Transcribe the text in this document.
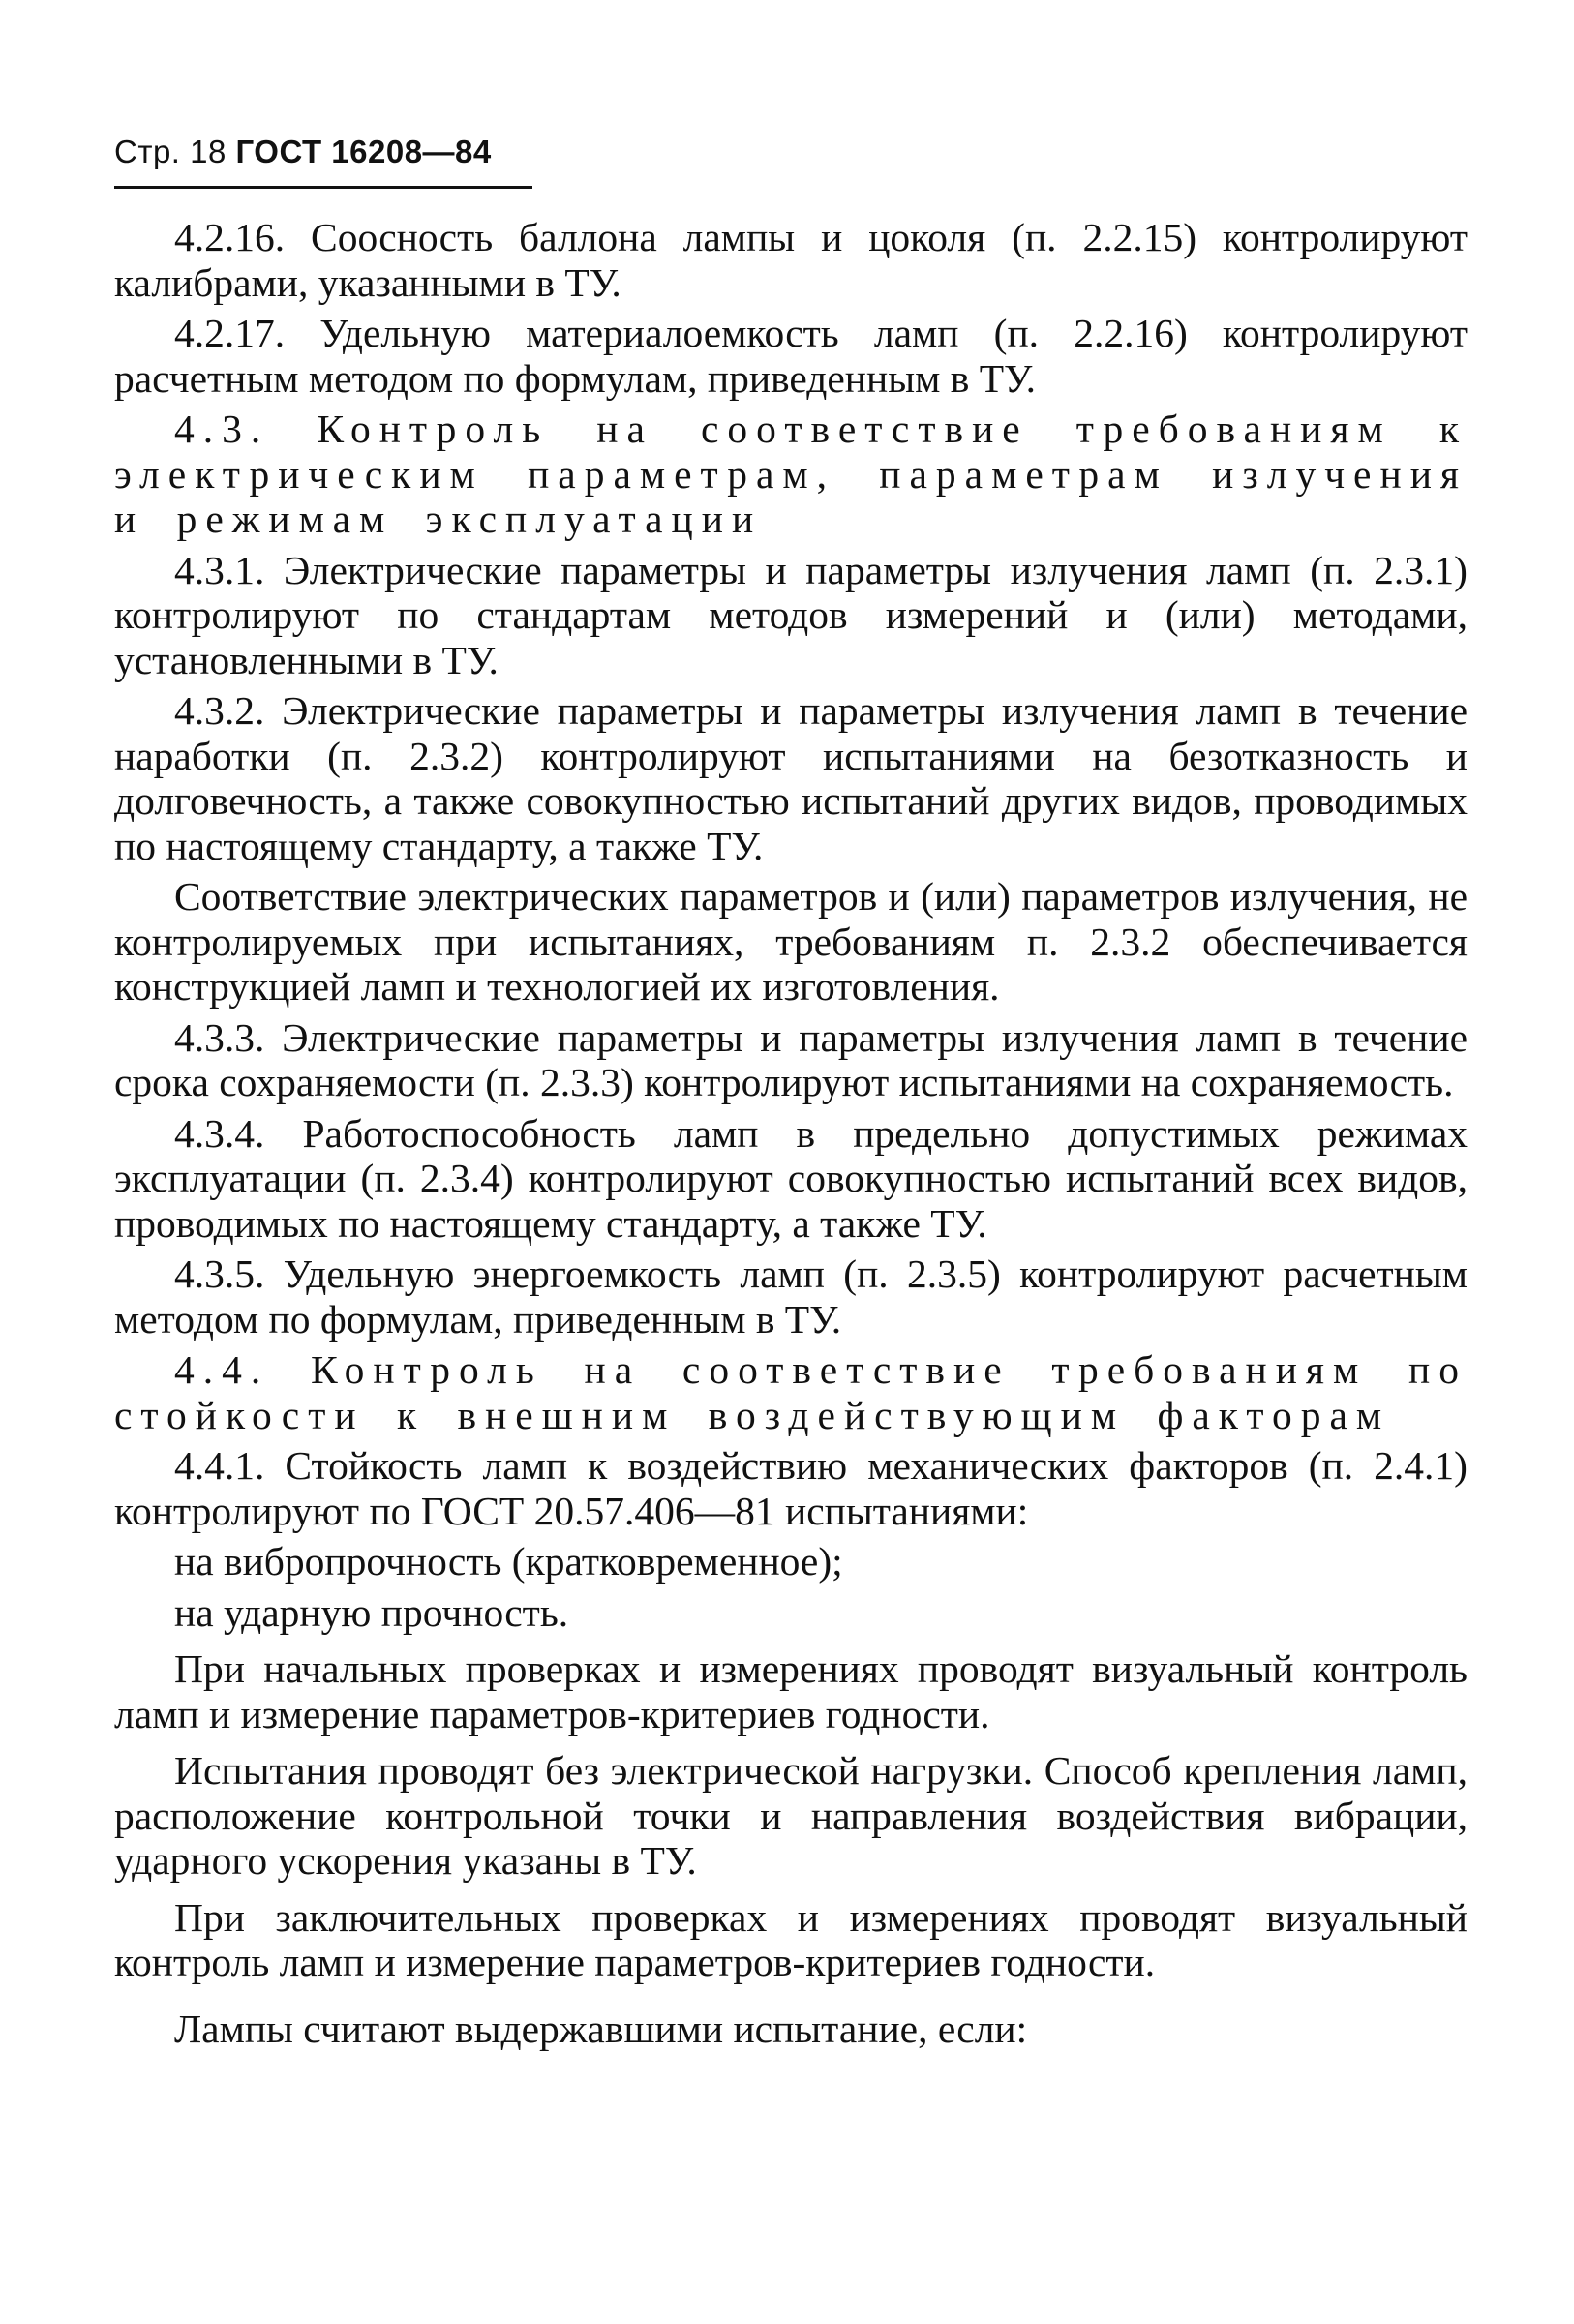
Стр. 18 ГОСТ 16208—84

4.2.16. Соосность баллона лампы и цоколя (п. 2.2.15) контролируют калибрами, указанными в ТУ.

4.2.17. Удельную материалоемкость ламп (п. 2.2.16) контролируют расчетным методом по формулам, приведенным в ТУ.

4.3. Контроль на соответствие требованиям к электрическим параметрам, параметрам излучения и режимам эксплуатации

4.3.1. Электрические параметры и параметры излучения ламп (п. 2.3.1) контролируют по стандартам методов измерений и (или) методами, установленными в ТУ.

4.3.2. Электрические параметры и параметры излучения ламп в течение наработки (п. 2.3.2) контролируют испытаниями на безотказность и долговечность, а также совокупностью испытаний других видов, проводимых по настоящему стандарту, а также ТУ.

Соответствие электрических параметров и (или) параметров излучения, не контролируемых при испытаниях, требованиям п. 2.3.2 обеспечивается конструкцией ламп и технологией их изготовления.

4.3.3. Электрические параметры и параметры излучения ламп в течение срока сохраняемости (п. 2.3.3) контролируют испытаниями на сохраняемость.

4.3.4. Работоспособность ламп в предельно допустимых режимах эксплуатации (п. 2.3.4) контролируют совокупностью испытаний всех видов, проводимых по настоящему стандарту, а также ТУ.

4.3.5. Удельную энергоемкость ламп (п. 2.3.5) контролируют расчетным методом по формулам, приведенным в ТУ.

4.4. Контроль на соответствие требованиям по стойкости к внешним воздействующим факторам

4.4.1. Стойкость ламп к воздействию механических факторов (п. 2.4.1) контролируют по ГОСТ 20.57.406—81 испытаниями:

на вибропрочность (кратковременное);

на ударную прочность.

При начальных проверках и измерениях проводят визуальный контроль ламп и измерение параметров-критериев годности.

Испытания проводят без электрической нагрузки. Способ крепления ламп, расположение контрольной точки и направления воздействия вибрации, ударного ускорения указаны в ТУ.

При заключительных проверках и измерениях проводят визуальный контроль ламп и измерение параметров-критериев годности.

Лампы считают выдержавшими испытание, если:
